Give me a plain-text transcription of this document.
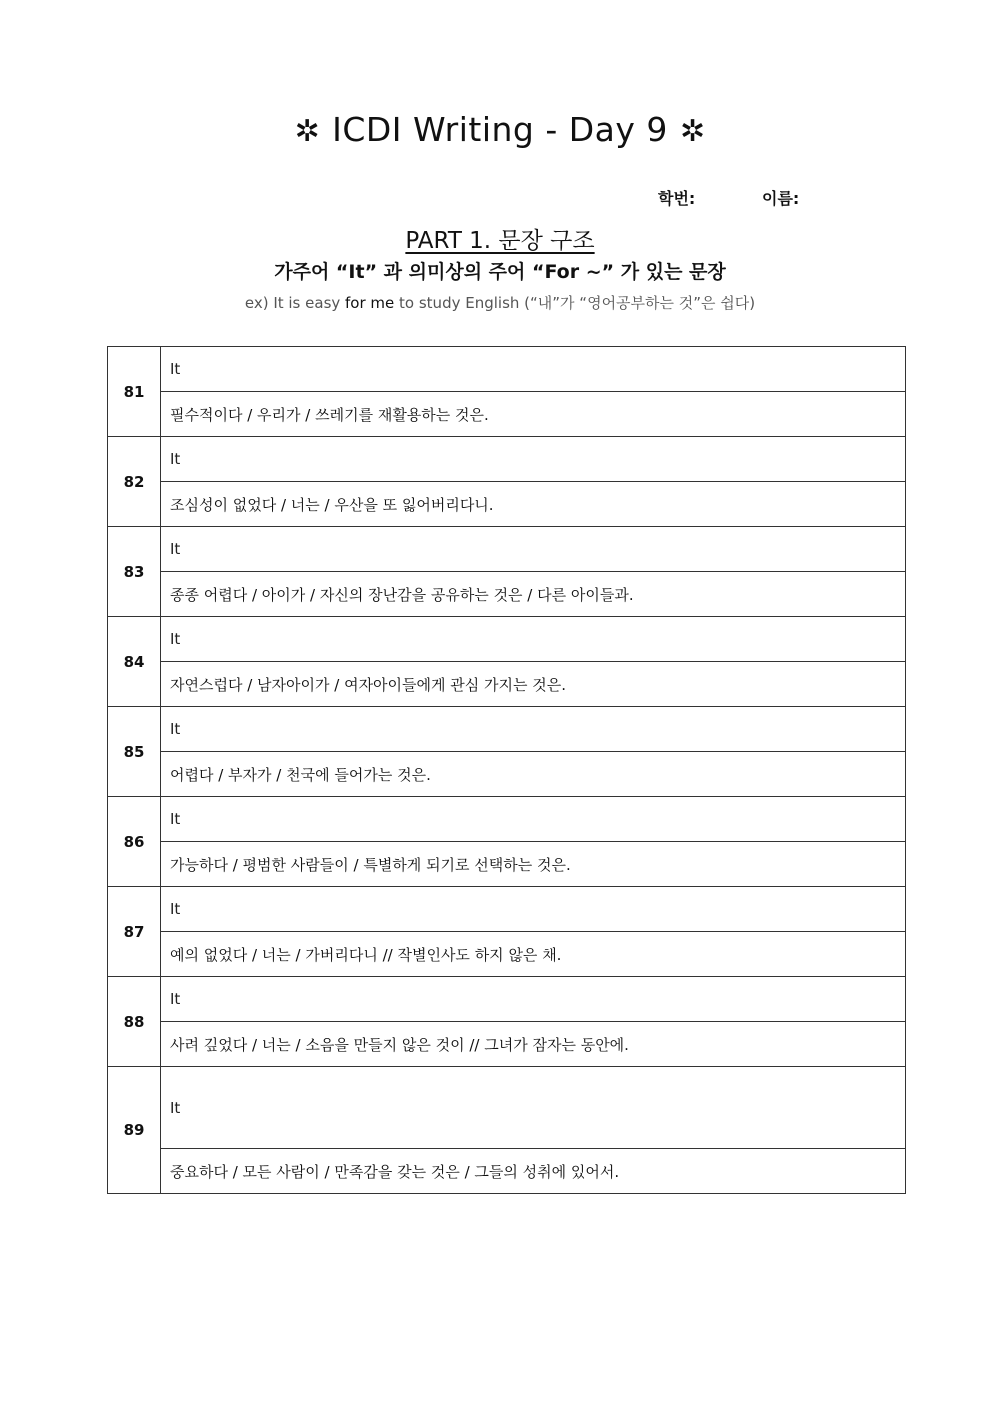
✲ ICDI Writing - Day 9 ✲
학번:	이름:
PART 1. 문장 구조
가주어 “It” 과 의미상의 주어 “For ~” 가 있는 문장
ex) It is easy for me to study English (“내”가 “영어공부하는 것”은 쉽다)
81	It
	필수적이다 / 우리가 / 쓰레기를 재활용하는 것은.
82	It
	조심성이 없었다 / 너는 / 우산을 또 잃어버리다니.
83	It
	종종 어렵다 / 아이가 / 자신의 장난감을 공유하는 것은 / 다른 아이들과.
84	It
	자연스럽다 / 남자아이가 / 여자아이들에게 관심 가지는 것은.
85	It
	어렵다 / 부자가 / 천국에 들어가는 것은.
86	It
	가능하다 / 평범한 사람들이 / 특별하게 되기로 선택하는 것은.
87	It
	예의 없었다 / 너는 / 가버리다니 // 작별인사도 하지 않은 채.
88	It
	사려 깊었다 / 너는 / 소음을 만들지 않은 것이 // 그녀가 잠자는 동안에.
89	It
	중요하다 / 모든 사람이 / 만족감을 갖는 것은 / 그들의 성취에 있어서.
